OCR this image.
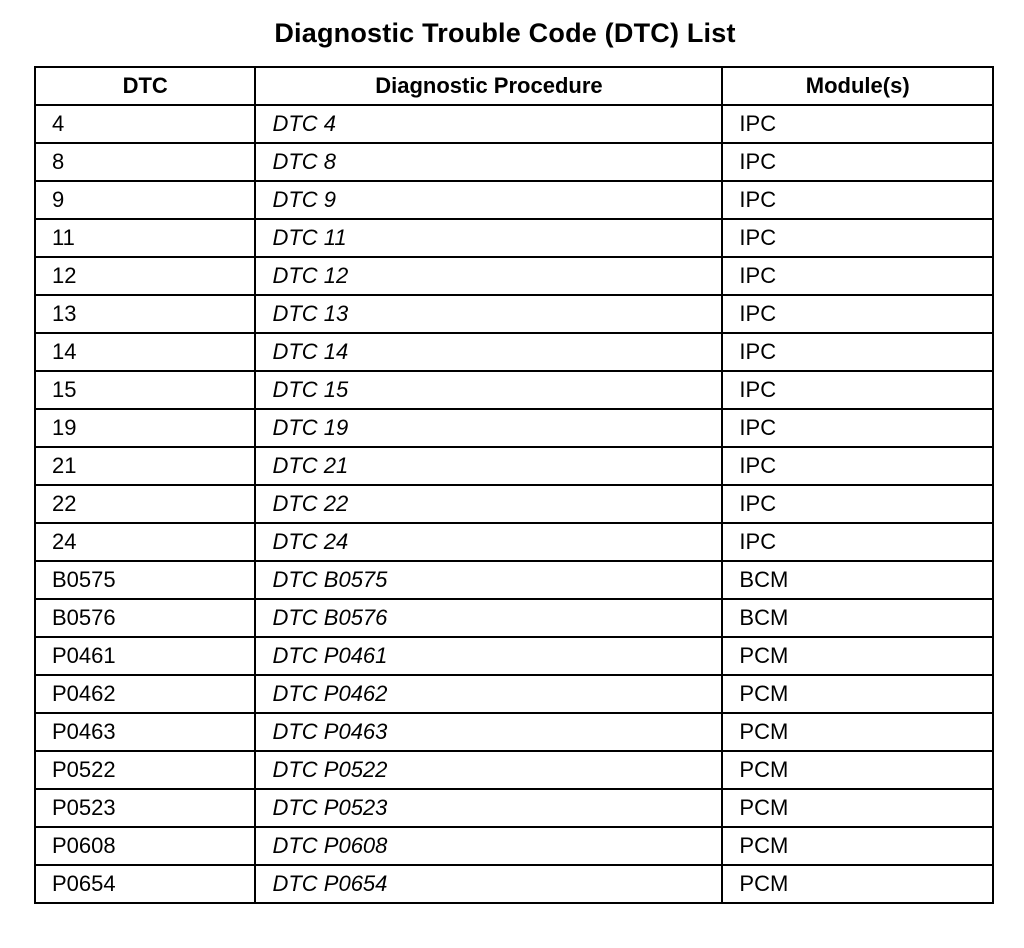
Diagnostic Trouble Code (DTC) List
DTC	Diagnostic Procedure	Module(s)
4	DTC 4	IPC
8	DTC 8	IPC
9	DTC 9	IPC
11	DTC 11	IPC
12	DTC 12	IPC
13	DTC 13	IPC
14	DTC 14	IPC
15	DTC 15	IPC
19	DTC 19	IPC
21	DTC 21	IPC
22	DTC 22	IPC
24	DTC 24	IPC
B0575	DTC B0575	BCM
B0576	DTC B0576	BCM
P0461	DTC P0461	PCM
P0462	DTC P0462	PCM
P0463	DTC P0463	PCM
P0522	DTC P0522	PCM
P0523	DTC P0523	PCM
P0608	DTC P0608	PCM
P0654	DTC P0654	PCM
